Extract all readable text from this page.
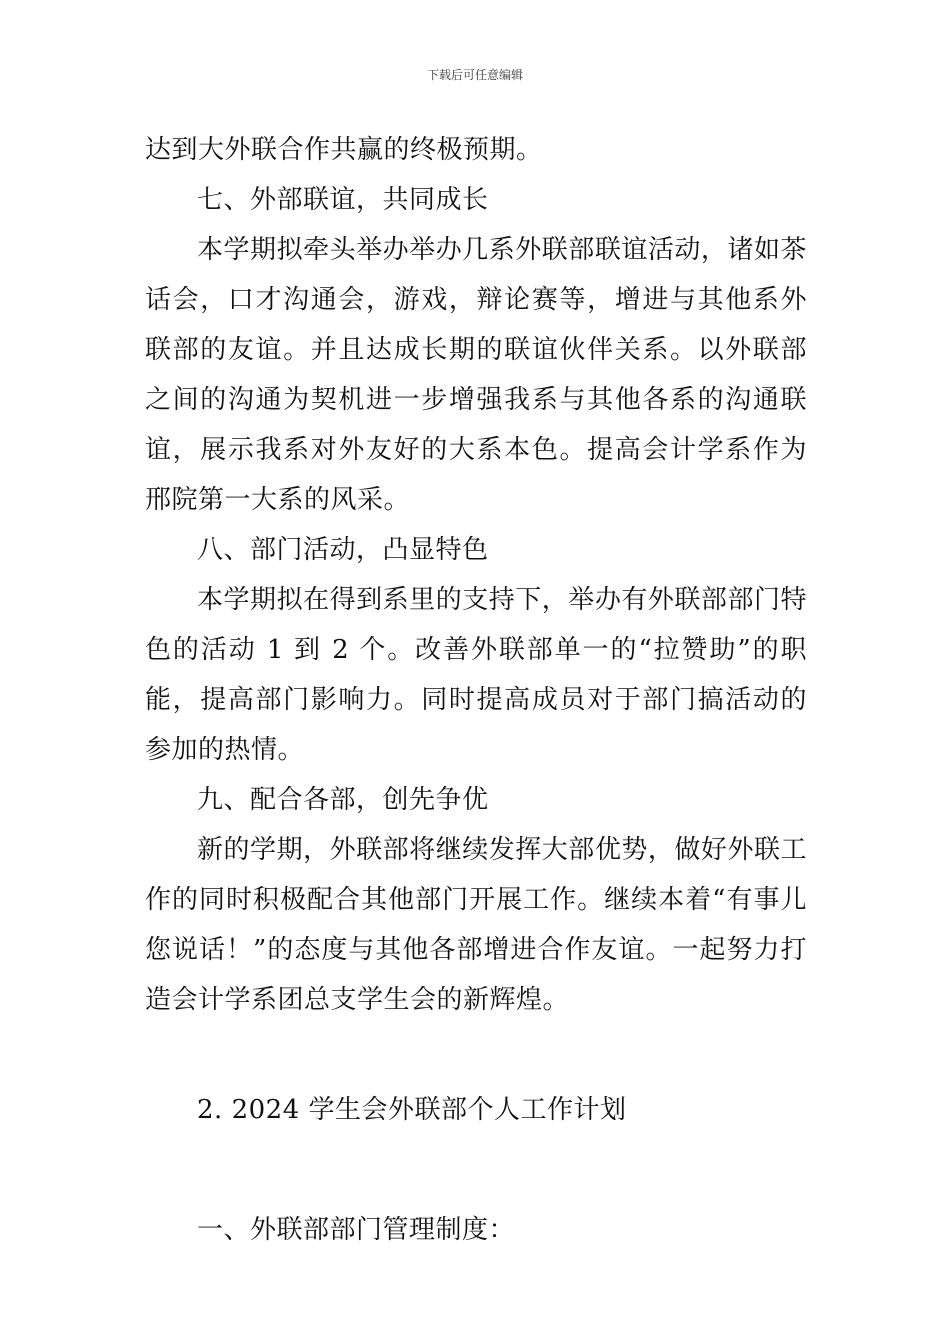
下载后可任意编辑

达到大外联合作共赢的终极预期。

七、外部联谊，共同成长

本学期拟牵头举办举办几系外联部联谊活动，诸如茶话会，口才沟通会，游戏，辩论赛等，增进与其他系外联部的友谊。并且达成长期的联谊伙伴关系。以外联部之间的沟通为契机进一步增强我系与其他各系的沟通联谊，展示我系对外友好的大系本色。提高会计学系作为邢院第一大系的风采。

八、部门活动，凸显特色

本学期拟在得到系里的支持下，举办有外联部部门特色的活动 1 到 2 个。改善外联部单一的“拉赞助”的职能，提高部门影响力。同时提高成员对于部门搞活动的参加的热情。

九、配合各部，创先争优

新的学期，外联部将继续发挥大部优势，做好外联工作的同时积极配合其他部门开展工作。继续本着“有事儿您说话！”的态度与其他各部增进合作友谊。一起努力打造会计学系团总支学生会的新辉煌。

2. 2024 学生会外联部个人工作计划

一、外联部部门管理制度：
